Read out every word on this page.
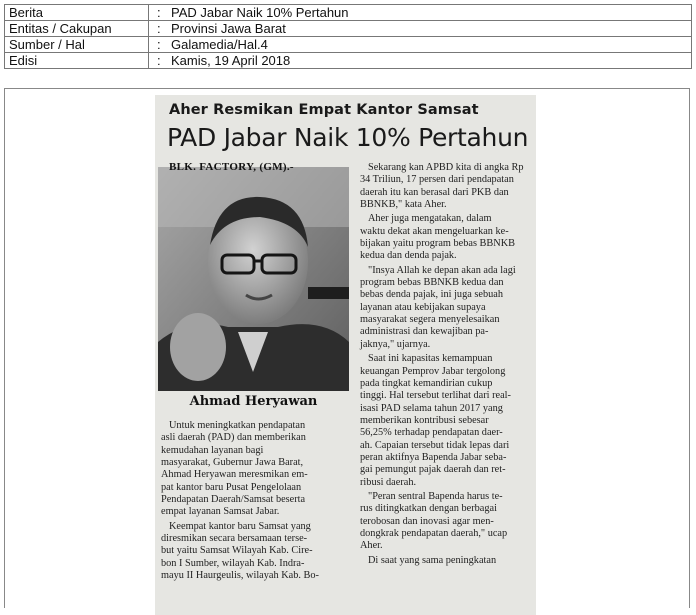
Berita	: PAD Jabar Naik 10% Pertahun
Entitas / Cakupan	: Provinsi Jawa Barat
Sumber / Hal	: Galamedia/Hal.4
Edisi	: Kamis, 19 April 2018
Aher Resmikan Empat Kantor Samsat
PAD Jabar Naik 10% Pertahun
Ahmad Heryawan

Untuk meningkatkan pendapatan
asli daerah (PAD) dan memberikan
kemudahan layanan bagi
masyarakat, Gubernur Jawa Barat,
Ahmad Heryawan meresmikan em-
pat kantor baru Pusat Pengelolaan
Pendapatan Daerah/Samsat beserta
empat layanan Samsat Jabar.

Keempat kantor baru Samsat yang
diresmikan secara bersamaan terse-
but yaitu Samsat Wilayah Kab. Cire-
bon I Sumber, wilayah Kab. Indra-
mayu II Haurgeulis, wilayah Kab. Bo-

Sekarang kan APBD kita di angka Rp
34 Triliun, 17 persen dari pendapatan
daerah itu kan berasal dari PKB dan
BBNKB," kata Aher.

Aher juga mengatakan, dalam
waktu dekat akan mengeluarkan ke-
bijakan yaitu program bebas BBNKB
kedua dan denda pajak.

"Insya Allah ke depan akan ada lagi
program bebas BBNKB kedua dan
bebas denda pajak, ini juga sebuah
layanan atau kebijakan supaya
masyarakat segera menyelesaikan
administrasi dan kewajiban pa-
jaknya," ujarnya.

Saat ini kapasitas kemampuan
keuangan Pemprov Jabar tergolong
pada tingkat kemandirian cukup
tinggi. Hal tersebut terlihat dari real-
isasi PAD selama tahun 2017 yang
memberikan kontribusi sebesar
56,25% terhadap pendapatan daer-
ah. Capaian tersebut tidak lepas dari
peran aktifnya Bapenda Jabar seba-
gai pemungut pajak daerah dan ret-
ribusi daerah.

"Peran sentral Bapenda harus te-
rus ditingkatkan dengan berbagai
terobosan dan inovasi agar men-
dongkrak pendapatan daerah," ucap
Aher.

Di saat yang sama peningkatan

BLK. FACTORY, (GM).-
